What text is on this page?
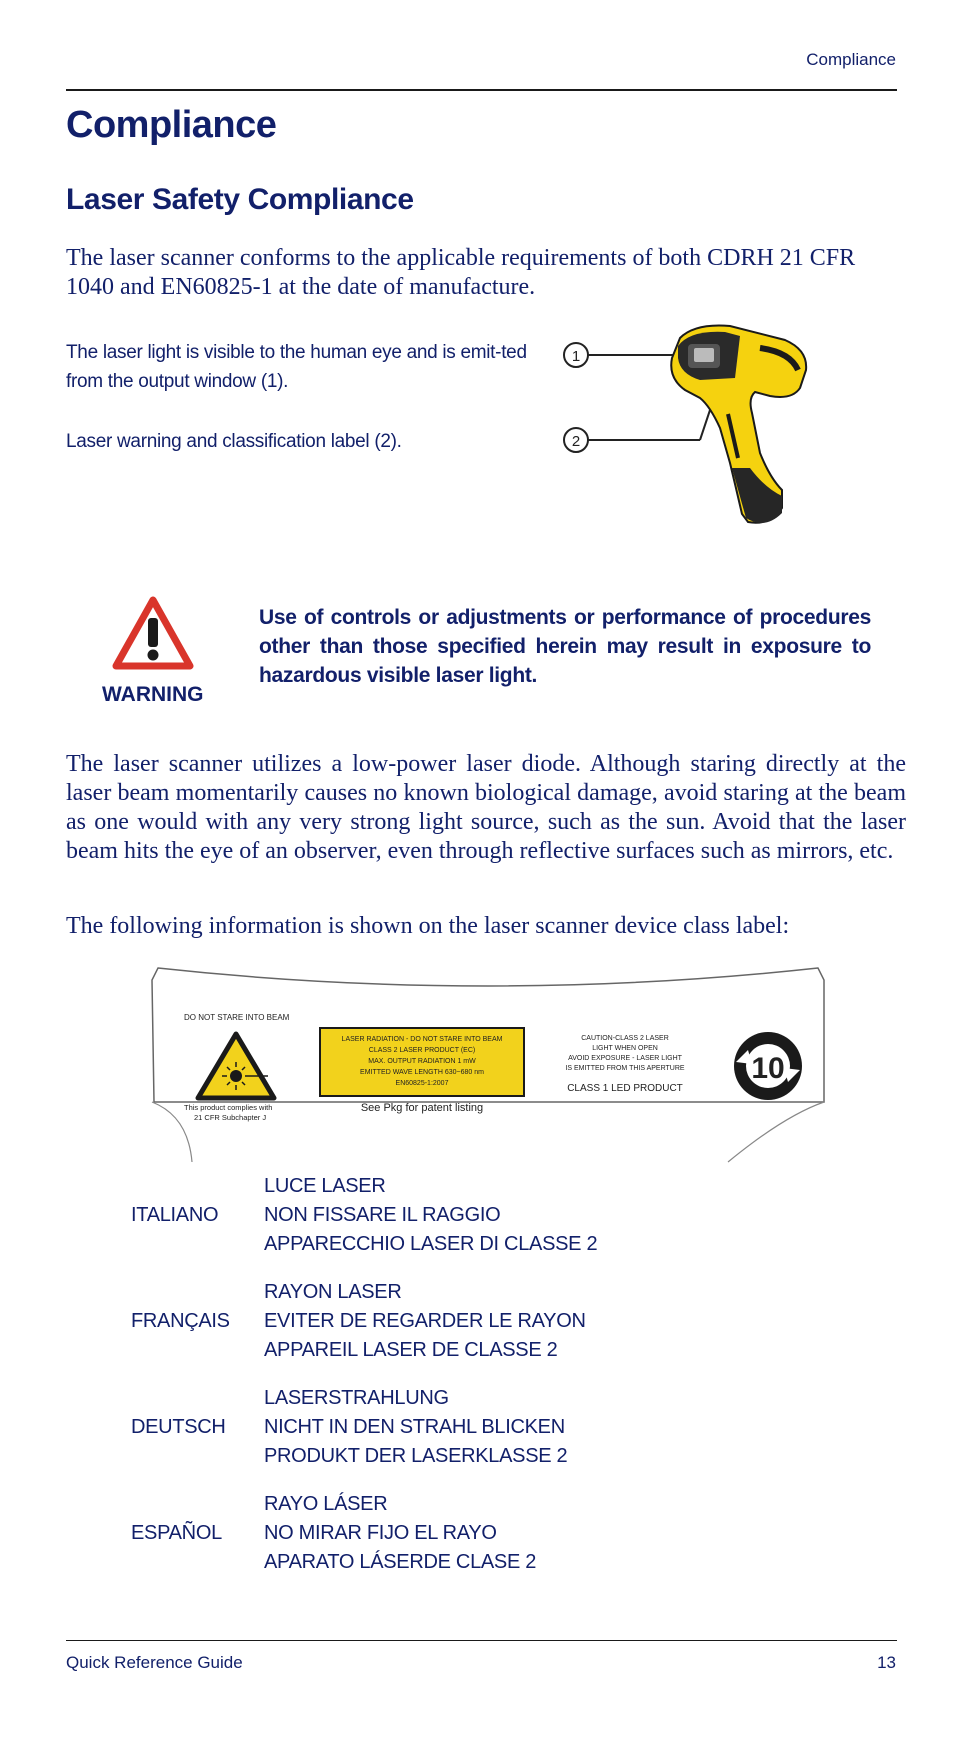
Compliance
Compliance
Laser Safety Compliance
The laser scanner conforms to the applicable requirements of both CDRH 21 CFR 1040 and EN60825-1 at the date of manufacture.
The laser light is visible to the human eye and is emit-ted from the output window (1).
Laser warning and classification label (2).
1
2
WARNING
Use of controls or adjustments or performance of procedures other than those specified herein may result in exposure to hazardous visible laser light.
The laser scanner utilizes a low-power laser diode. Although staring directly at the laser beam momentarily causes no known biological damage, avoid staring at the beam as one would with any very strong light source, such as the sun. Avoid that the laser beam hits the eye of an observer, even through reflective surfaces such as mirrors, etc.
The following information is shown on the laser scanner device class label:
DO NOT STARE INTO BEAM
This product complies with
21 CFR Subchapter J
LASER RADIATION - DO NOT STARE INTO BEAM
CLASS 2 LASER PRODUCT (EC)
MAX. OUTPUT RADIATION 1 mW
EMITTED WAVE LENGTH 630~680 nm
EN60825-1:2007
See Pkg for patent listing
CAUTION-CLASS 2 LASER
LIGHT WHEN OPEN
AVOID EXPOSURE - LASER LIGHT
IS EMITTED FROM THIS APERTURE
CLASS 1 LED PRODUCT
10
ITALIANO
LUCE LASER
NON FISSARE IL RAGGIO
APPARECCHIO LASER DI CLASSE 2
FRANÇAIS
RAYON LASER
EVITER DE REGARDER LE RAYON
APPAREIL LASER DE CLASSE 2
DEUTSCH
LASERSTRAHLUNG
NICHT IN DEN STRAHL BLICKEN
PRODUKT DER LASERKLASSE 2
ESPAÑOL
RAYO LÁSER
NO MIRAR FIJO EL RAYO
APARATO LÁSERDE CLASE 2
Quick Reference Guide	13
